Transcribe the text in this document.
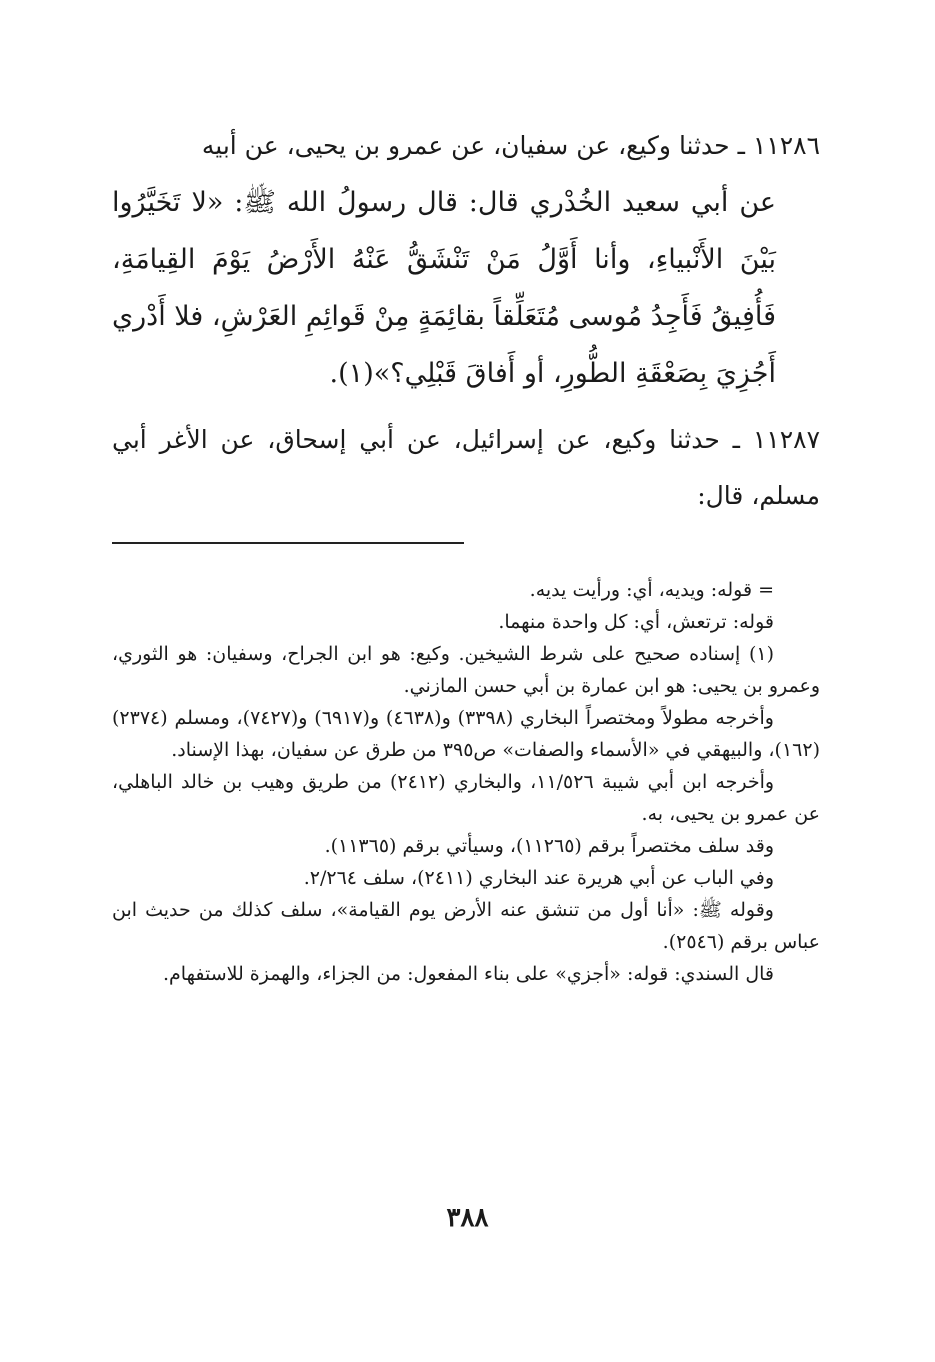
١١٢٨٦ ـ حدثنا وكيع، عن سفيان، عن عمرو بن يحيى، عن أبيه

عن أبي سعيد الخُدْري قال: قال رسولُ الله ﷺ: «لا تَخَيَّرُوا بَيْنَ الأَنْبياءِ، وأنا أَوَّلُ مَنْ تَنْشَقُّ عَنْهُ الأَرْضُ يَوْمَ القِيامَةِ، فَأُفِيقُ فَأَجِدُ مُوسى مُتَعَلِّقاً بقائِمَةٍ مِنْ قَوائِمِ العَرْشِ، فلا أَدْري أَجُزِيَ بِصَعْقَةِ الطُّورِ، أو أَفاقَ قَبْلِي؟»(١).

١١٢٨٧ ـ حدثنا وكيع، عن إسرائيل، عن أبي إسحاق، عن الأغر أبي مسلم، قال:

= قوله: ويديه، أي: ورأيت يديه.

قوله: ترتعش، أي: كل واحدة منهما.

(١) إسناده صحيح على شرط الشيخين. وكيع: هو ابن الجراح، وسفيان: هو الثوري، وعمرو بن يحيى: هو ابن عمارة بن أبي حسن المازني.

وأخرجه مطولاً ومختصراً البخاري (٣٣٩٨) و(٤٦٣٨) و(٦٩١٧) و(٧٤٢٧)، ومسلم (٢٣٧٤) (١٦٢)، والبيهقي في «الأسماء والصفات» ص٣٩٥ من طرق عن سفيان، بهذا الإسناد.

وأخرجه ابن أبي شيبة ١١/٥٢٦، والبخاري (٢٤١٢) من طريق وهيب بن خالد الباهلي، عن عمرو بن يحيى، به.

وقد سلف مختصراً برقم (١١٢٦٥)، وسيأتي برقم (١١٣٦٥).

وفي الباب عن أبي هريرة عند البخاري (٢٤١١)، سلف ٢/٢٦٤.

وقوله ﷺ: «أنا أول من تنشق عنه الأرض يوم القيامة»، سلف كذلك من حديث ابن عباس برقم (٢٥٤٦).

قال السندي: قوله: «أجزي» على بناء المفعول: من الجزاء، والهمزة للاستفهام.

٣٨٨
